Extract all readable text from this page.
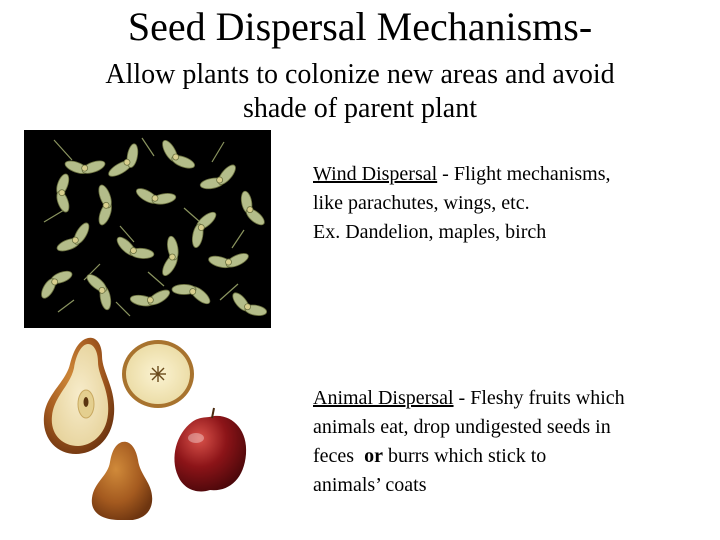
Seed Dispersal Mechanisms-
Allow plants to colonize new areas and avoid
shade of parent plant

Wind Dispersal - Flight mechanisms,

like parachutes, wings, etc.

Ex. Dandelion, maples, birch

Animal Dispersal - Fleshy fruits which

animals eat, drop undigested seeds in

feces  or burrs which stick to

animals’ coats
